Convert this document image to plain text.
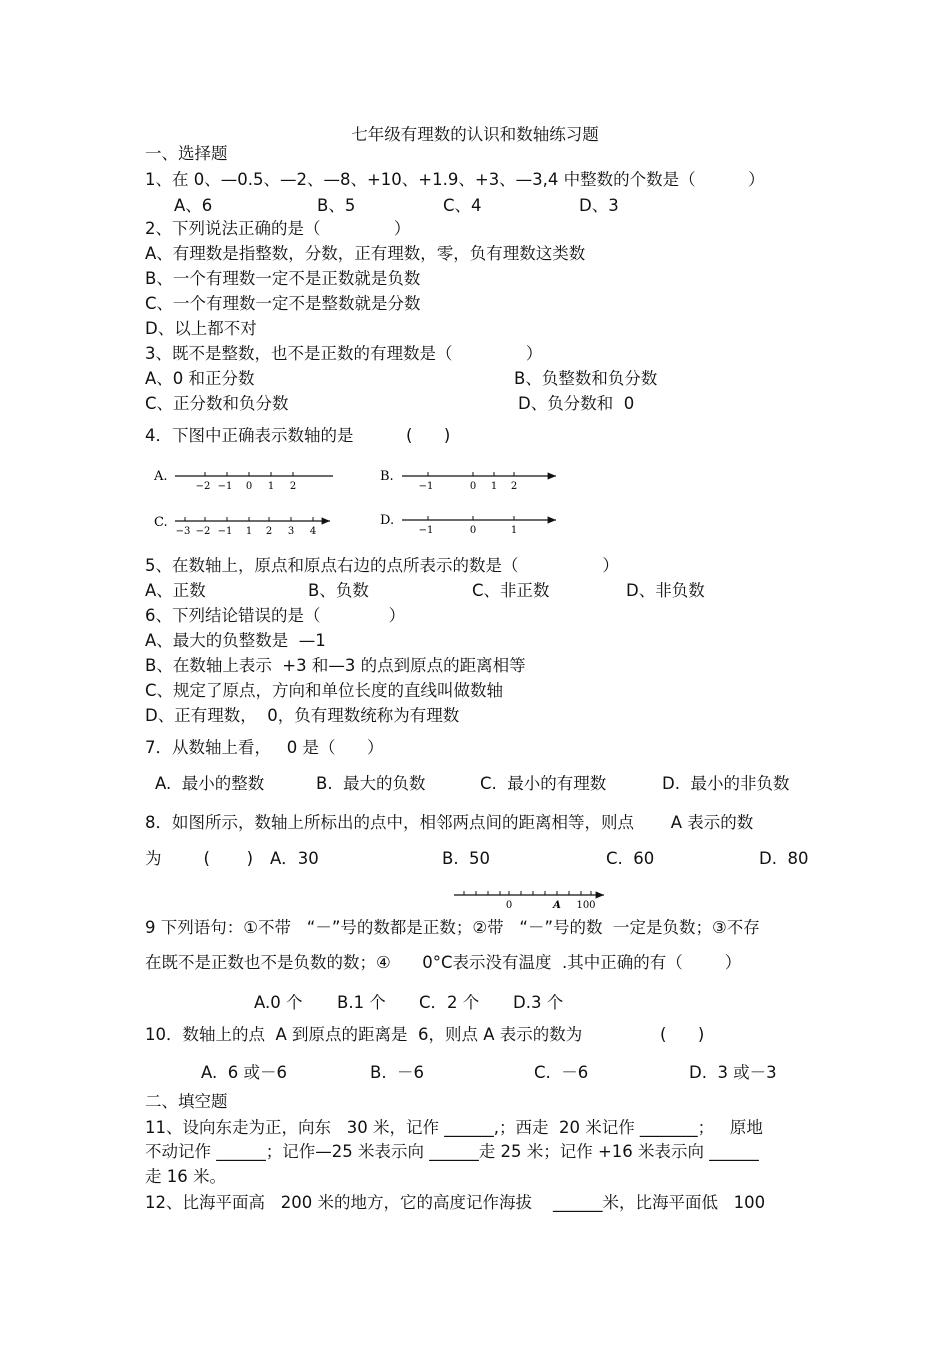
七年级有理数的认识和数轴练习题
一、选择题
1、在 0、—0.5、—2、—8、+10、+1.9、+3、—3,4 中整数的个数是（          ）
A、6	B、5	C、4	D、3
2、下列说法正确的是（              ）
A、有理数是指整数，分数，正有理数，零，负有理数这类数
B、一个有理数一定不是正数就是负数
C、一个有理数一定不是整数就是分数
D、以上都不对
3、既不是整数，也不是正数的有理数是（              ）
A、0 和正分数	B、负整数和负分数
C、正分数和负分数	D、负分数和  0
4．下图中正确表示数轴的是          (      )
A.
−2 −1 0 1 2
B.
−1	0 1 2
C.
−3 −2 −1 1 2 3 4
D.
−1	0	1
5、在数轴上，原点和原点右边的点所表示的数是（                ）
A、正数	B、负数	C、非正数	D、非负数
6、下列结论错误的是（             ）
A、最大的负整数是  —1
B、在数轴上表示  +3 和—3 的点到原点的距离相等
C、规定了原点，方向和单位长度的直线叫做数轴
D、正有理数，  0，负有理数统称为有理数
7．从数轴上看，   0 是（      ）
A.  最小的整数	B.  最大的负数	C.  最小的有理数	D.  最小的非负数
8．如图所示，数轴上所标出的点中，相邻两点间的距离相等，则点       A 表示的数
为        (       ) A．30	B.  50	C.  60	D.  80
0	A 100
9 下列语句：①不带   “－”号的数都是正数；②带   “－”号的数  一定是负数；③不存
在既不是正数也不是负数的数；④      0°C表示没有温度  .其中正确的有（        ）
A.0 个 B.1 个 C．2 个 D.3 个
10．数轴上的点  A 到原点的距离是  6，则点 A 表示的数为	(      )
A.  6 或－6	B.  －6	C.  －6	D.  3 或－3
二、填空题
11、设向东走为正，向东   30 米，记作 ______,；西走  20 米记作 _______；   原地
不动记作 ______；记作—25 米表示向 ______走 25 米；记作 +16 米表示向 ______
走 16 米。
12、比海平面高   200 米的地方，它的高度记作海拔    ______米，比海平面低   100
